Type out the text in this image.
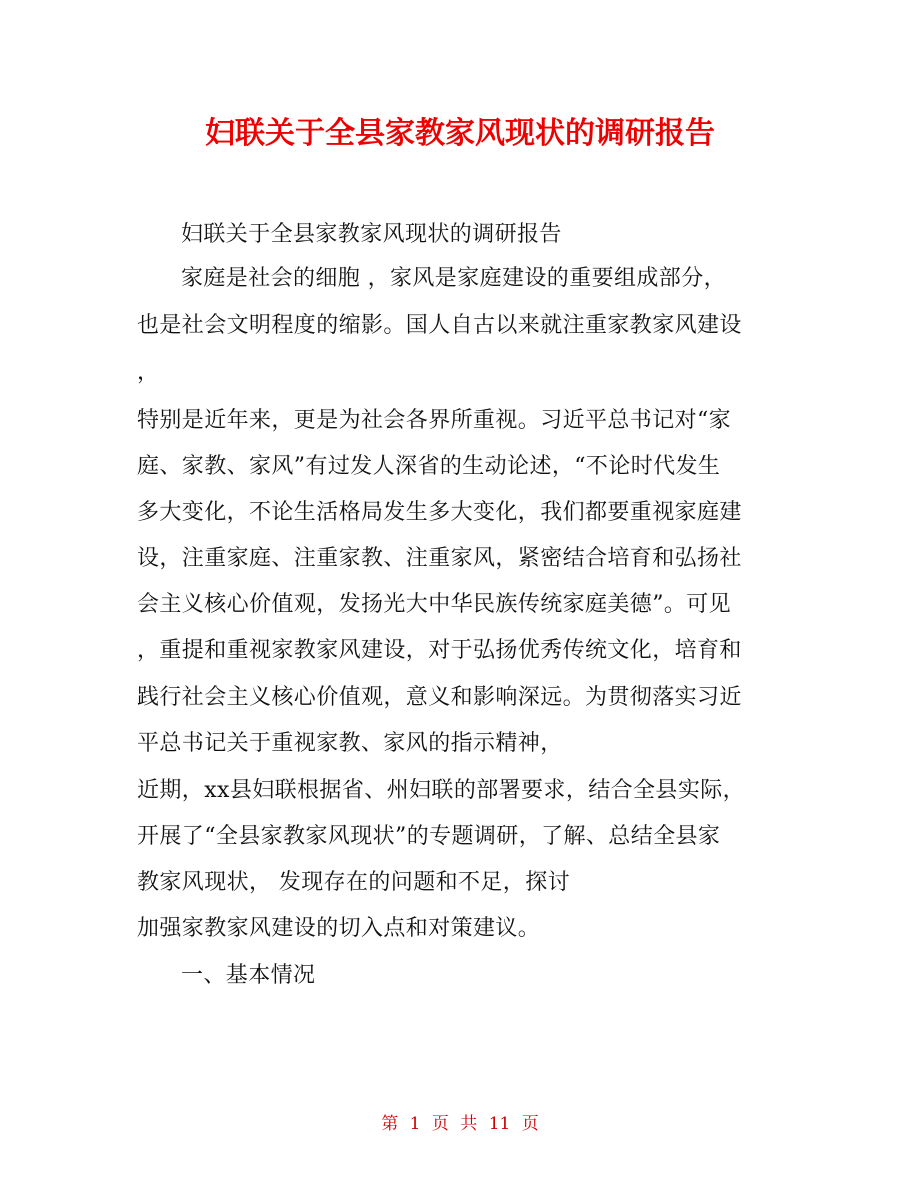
妇联关于全县家教家风现状的调研报告
妇联关于全县家教家风现状的调研报告
家庭是社会的细胞 ，家风是家庭建设的重要组成部分，
也是社会文明程度的缩影。国人自古以来就注重家教家风建设
，
特别是近年来，更是为社会各界所重视。习近平总书记对“家
庭、家教、家风”有过发人深省的生动论述，“不论时代发生
多大变化，不论生活格局发生多大变化，我们都要重视家庭建
设，注重家庭、注重家教、注重家风，紧密结合培育和弘扬社
会主义核心价值观，发扬光大中华民族传统家庭美德”。可见
，重提和重视家教家风建设，对于弘扬优秀传统文化，培育和
践行社会主义核心价值观，意义和影响深远。为贯彻落实习近
平总书记关于重视家教、家风的指示精神，
近期，xx县妇联根据省、州妇联的部署要求，结合全县实际，
开展了“全县家教家风现状”的专题调研，了解、总结全县家
教家风现状， 发现存在的问题和不足，探讨
加强家教家风建设的切入点和对策建议。
一、基本情况
第 1 页 共 11 页
